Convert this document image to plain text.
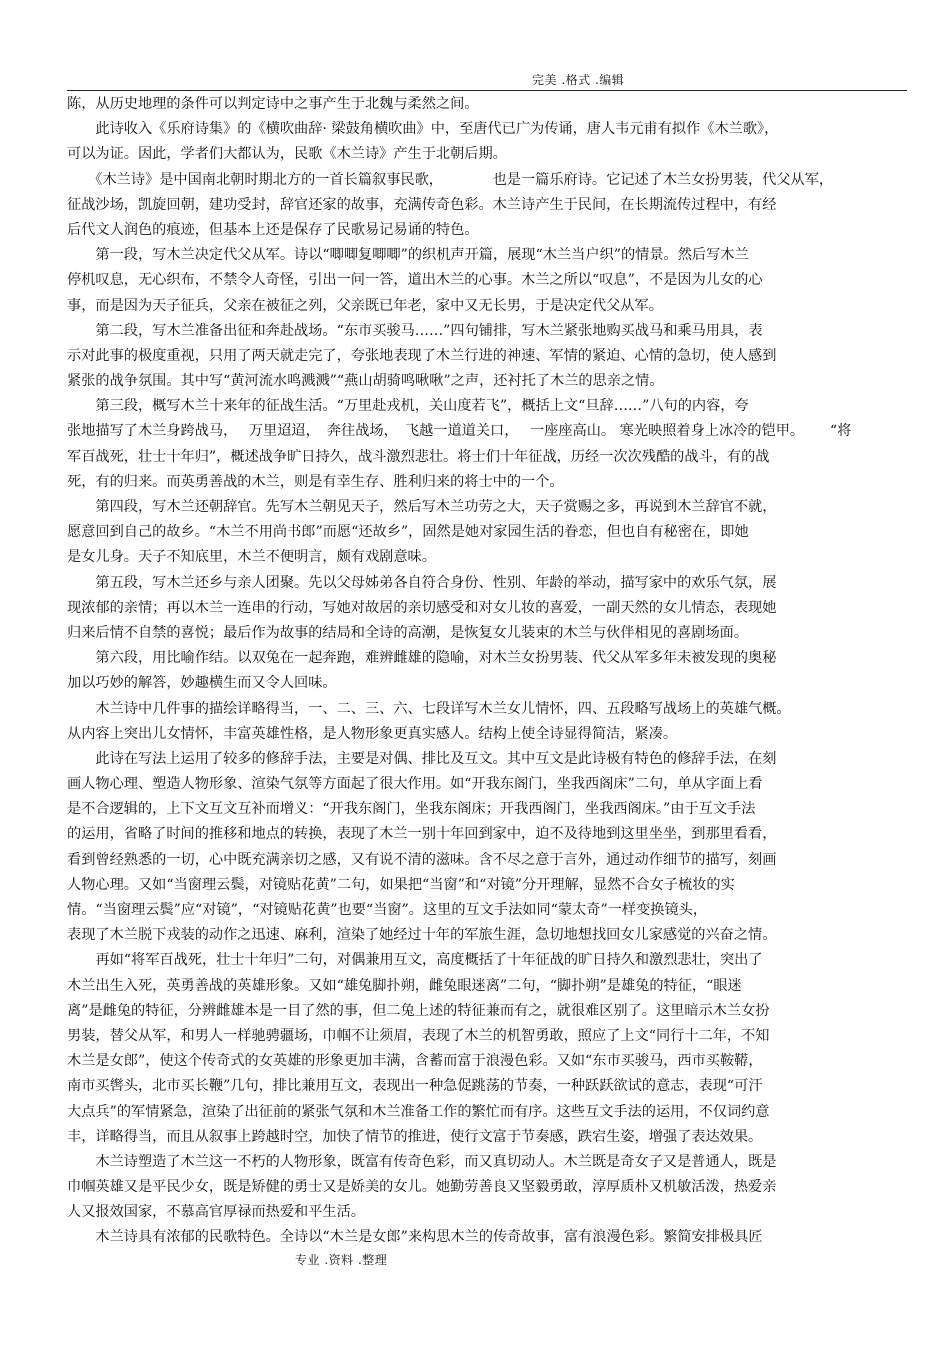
完美 .格式 .编辑
陈，从历史地理的条件可以判定诗中之事产生于北魏与柔然之间。
　　此诗收入《乐府诗集》的《横吹曲辞· 梁鼓角横吹曲》中，至唐代已广为传诵，唐人韦元甫有拟作《木兰歌》，
可以为证。因此，学者们大都认为，民歌《木兰诗》产生于北朝后期。
　　《木兰诗》是中国南北朝时期北方的一首长篇叙事民歌，　　　　也是一篇乐府诗。它记述了木兰女扮男装，代父从军，
征战沙场，凯旋回朝，建功受封，辞官还家的故事，充满传奇色彩。木兰诗产生于民间，在长期流传过程中，有经
后代文人润色的痕迹，但基本上还是保存了民歌易记易诵的特色。
　　第一段，写木兰决定代父从军。诗以“唧唧复唧唧”的织机声开篇，展现“木兰当户织”的情景。然后写木兰
停机叹息，无心织布，不禁令人奇怪，引出一问一答，道出木兰的心事。木兰之所以“叹息”，不是因为儿女的心
事，而是因为天子征兵，父亲在被征之列，父亲既已年老，家中又无长男，于是决定代父从军。
　　第二段，写木兰准备出征和奔赴战场。“东市买骏马……”四句铺排，写木兰紧张地购买战马和乘马用具，表
示对此事的极度重视，只用了两天就走完了，夸张地表现了木兰行进的神速、军情的紧迫、心情的急切，使人感到
紧张的战争氛围。其中写“黄河流水鸣溅溅”“燕山胡骑鸣啾啾”之声，还衬托了木兰的思亲之情。
　　第三段，概写木兰十来年的征战生活。“万里赴戎机，关山度若飞”，概括上文“旦辞……”八句的内容，夸
张地描写了木兰身跨战马，　 万里迢迢，　奔往战场，　飞越一道道关口，　 一座座高山。 寒光映照着身上冰冷的铠甲。　　 “将
军百战死，壮士十年归”，概述战争旷日持久，战斗激烈悲壮。将士们十年征战，历经一次次残酷的战斗，有的战
死，有的归来。而英勇善战的木兰，则是有幸生存、胜利归来的将士中的一个。
　　第四段，写木兰还朝辞官。先写木兰朝见天子，然后写木兰功劳之大，天子赏赐之多，再说到木兰辞官不就，
愿意回到自己的故乡。“木兰不用尚书郎”而愿“还故乡”，固然是她对家园生活的眷恋，但也自有秘密在，即她
是女儿身。天子不知底里，木兰不便明言，颇有戏剧意味。
　　第五段，写木兰还乡与亲人团聚。先以父母姊弟各自符合身份、性别、年龄的举动，描写家中的欢乐气氛，展
现浓郁的亲情；再以木兰一连串的行动，写她对故居的亲切感受和对女儿妆的喜爱，一副天然的女儿情态，表现她
归来后情不自禁的喜悦；最后作为故事的结局和全诗的高潮，是恢复女儿装束的木兰与伙伴相见的喜剧场面。
　　第六段，用比喻作结。以双兔在一起奔跑，难辨雌雄的隐喻，对木兰女扮男装、代父从军多年未被发现的奥秘
加以巧妙的解答，妙趣横生而又令人回味。
　　木兰诗中几件事的描绘详略得当，一、二、三、六、七段详写木兰女儿情怀，四、五段略写战场上的英雄气概。
从内容上突出儿女情怀，丰富英雄性格，是人物形象更真实感人。结构上使全诗显得简洁，紧凑。
　　此诗在写法上运用了较多的修辞手法，主要是对偶、排比及互文。其中互文是此诗极有特色的修辞手法，在刻
画人物心理、塑造人物形象、渲染气氛等方面起了很大作用。如“开我东阁门，坐我西阁床”二句，单从字面上看
是不合逻辑的，上下文互文互补而增义：“开我东阁门，坐我东阁床；开我西阁门，坐我西阁床。”由于互文手法
的运用，省略了时间的推移和地点的转换，表现了木兰一别十年回到家中，迫不及待地到这里坐坐，到那里看看，
看到曾经熟悉的一切，心中既充满亲切之感，又有说不清的滋味。含不尽之意于言外，通过动作细节的描写，刻画
人物心理。又如“当窗理云鬓，对镜贴花黄”二句，如果把“当窗”和“对镜”分开理解，显然不合女子梳妆的实
情。“当窗理云鬓”应“对镜”，“对镜贴花黄”也要“当窗”。这里的互文手法如同“蒙太奇”一样变换镜头，
表现了木兰脱下戎装的动作之迅速、麻利，渲染了她经过十年的军旅生涯，急切地想找回女儿家感觉的兴奋之情。
　　再如“将军百战死，壮士十年归”二句，对偶兼用互文，高度概括了十年征战的旷日持久和激烈悲壮，突出了
木兰出生入死，英勇善战的英雄形象。又如“雄兔脚扑朔，雌兔眼迷离”二句，“脚扑朔”是雄兔的特征，“眼迷
离”是雌兔的特征，分辨雌雄本是一目了然的事，但二兔上述的特征兼而有之，就很难区别了。这里暗示木兰女扮
男装，替父从军，和男人一样驰骋疆场，巾帼不让须眉，表现了木兰的机智勇敢，照应了上文“同行十二年，不知
木兰是女郎”，使这个传奇式的女英雄的形象更加丰满，含蓄而富于浪漫色彩。又如“东市买骏马，西市买鞍鞯，
南市买辔头，北市买长鞭”几句，排比兼用互文，表现出一种急促跳荡的节奏，一种跃跃欲试的意志，表现“可汗
大点兵”的军情紧急，渲染了出征前的紧张气氛和木兰准备工作的繁忙而有序。这些互文手法的运用，不仅词约意
丰，详略得当，而且从叙事上跨越时空，加快了情节的推进，使行文富于节奏感，跌宕生姿，增强了表达效果。
　　木兰诗塑造了木兰这一不朽的人物形象，既富有传奇色彩，而又真切动人。木兰既是奇女子又是普通人，既是
巾帼英雄又是平民少女，既是矫健的勇士又是娇美的女儿。她勤劳善良又坚毅勇敢，淳厚质朴又机敏活泼，热爱亲
人又报效国家，不慕高官厚禄而热爱和平生活。
　　木兰诗具有浓郁的民歌特色。全诗以“木兰是女郎”来构思木兰的传奇故事，富有浪漫色彩。繁简安排极具匠
专业 .资料 .整理
